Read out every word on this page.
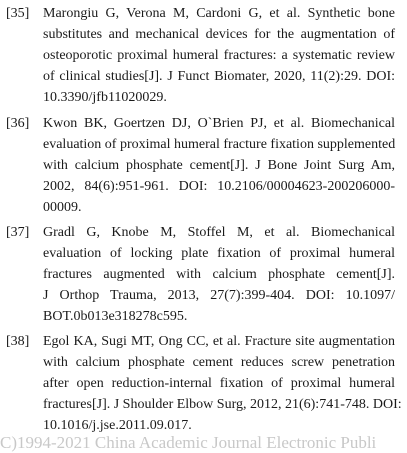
[35] Marongiu G, Verona M, Cardoni G, et al. Synthetic bone
substitutes and mechanical devices for the augmentation of
osteoporotic proximal humeral fractures: a systematic review
of clinical studies[J]. J Funct Biomater, 2020, 11(2):29. DOI:
10.3390/jfb11020029.
[36] Kwon BK, Goertzen DJ, O`Brien PJ, et al. Biomechanical
evaluation of proximal humeral fracture fixation supplemented
with calcium phosphate cement[J]. J Bone Joint Surg Am,
2002, 84(6):951-961. DOI: 10.2106/00004623-200206000-
00009.
[37] Gradl G, Knobe M, Stoffel M, et al. Biomechanical
evaluation of locking plate fixation of proximal humeral
fractures augmented with calcium phosphate cement[J].
J Orthop Trauma, 2013, 27(7):399-404. DOI: 10.1097/
BOT.0b013e318278c595.
[38] Egol KA, Sugi MT, Ong CC, et al. Fracture site augmentation
with calcium phosphate cement reduces screw penetration
after open reduction-internal fixation of proximal humeral
fractures[J]. J Shoulder Elbow Surg, 2012, 21(6):741-748. DOI:
10.1016/j.jse.2011.09.017.
C)1994-2021 China Academic Journal Electronic Publi
